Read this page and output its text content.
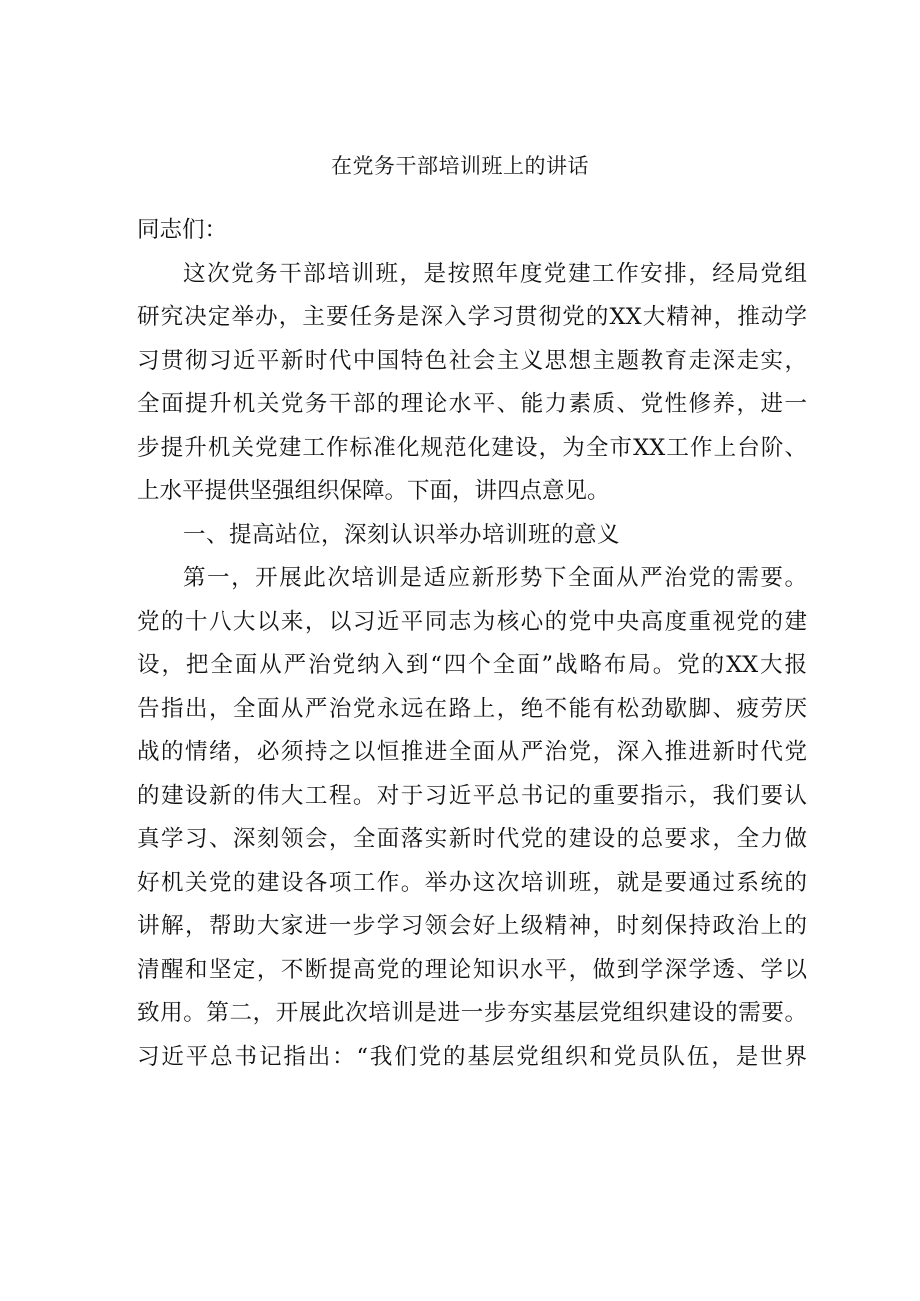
在党务干部培训班上的讲话
同志们：
这次党务干部培训班，是按照年度党建工作安排，经局党组
研究决定举办，主要任务是深入学习贯彻党的XX大精神，推动学
习贯彻习近平新时代中国特色社会主义思想主题教育走深走实，
全面提升机关党务干部的理论水平、能力素质、党性修养，进一
步提升机关党建工作标准化规范化建设，为全市XX工作上台阶、
上水平提供坚强组织保障。下面，讲四点意见。
一、提高站位，深刻认识举办培训班的意义
第一，开展此次培训是适应新形势下全面从严治党的需要。
党的十八大以来，以习近平同志为核心的党中央高度重视党的建
设，把全面从严治党纳入到“四个全面”战略布局。党的XX大报
告指出，全面从严治党永远在路上，绝不能有松劲歇脚、疲劳厌
战的情绪，必须持之以恒推进全面从严治党，深入推进新时代党
的建设新的伟大工程。对于习近平总书记的重要指示，我们要认
真学习、深刻领会，全面落实新时代党的建设的总要求，全力做
好机关党的建设各项工作。举办这次培训班，就是要通过系统的
讲解，帮助大家进一步学习领会好上级精神，时刻保持政治上的
清醒和坚定，不断提高党的理论知识水平，做到学深学透、学以
致用。第二，开展此次培训是进一步夯实基层党组织建设的需要。
习近平总书记指出：“我们党的基层党组织和党员队伍，是世界
